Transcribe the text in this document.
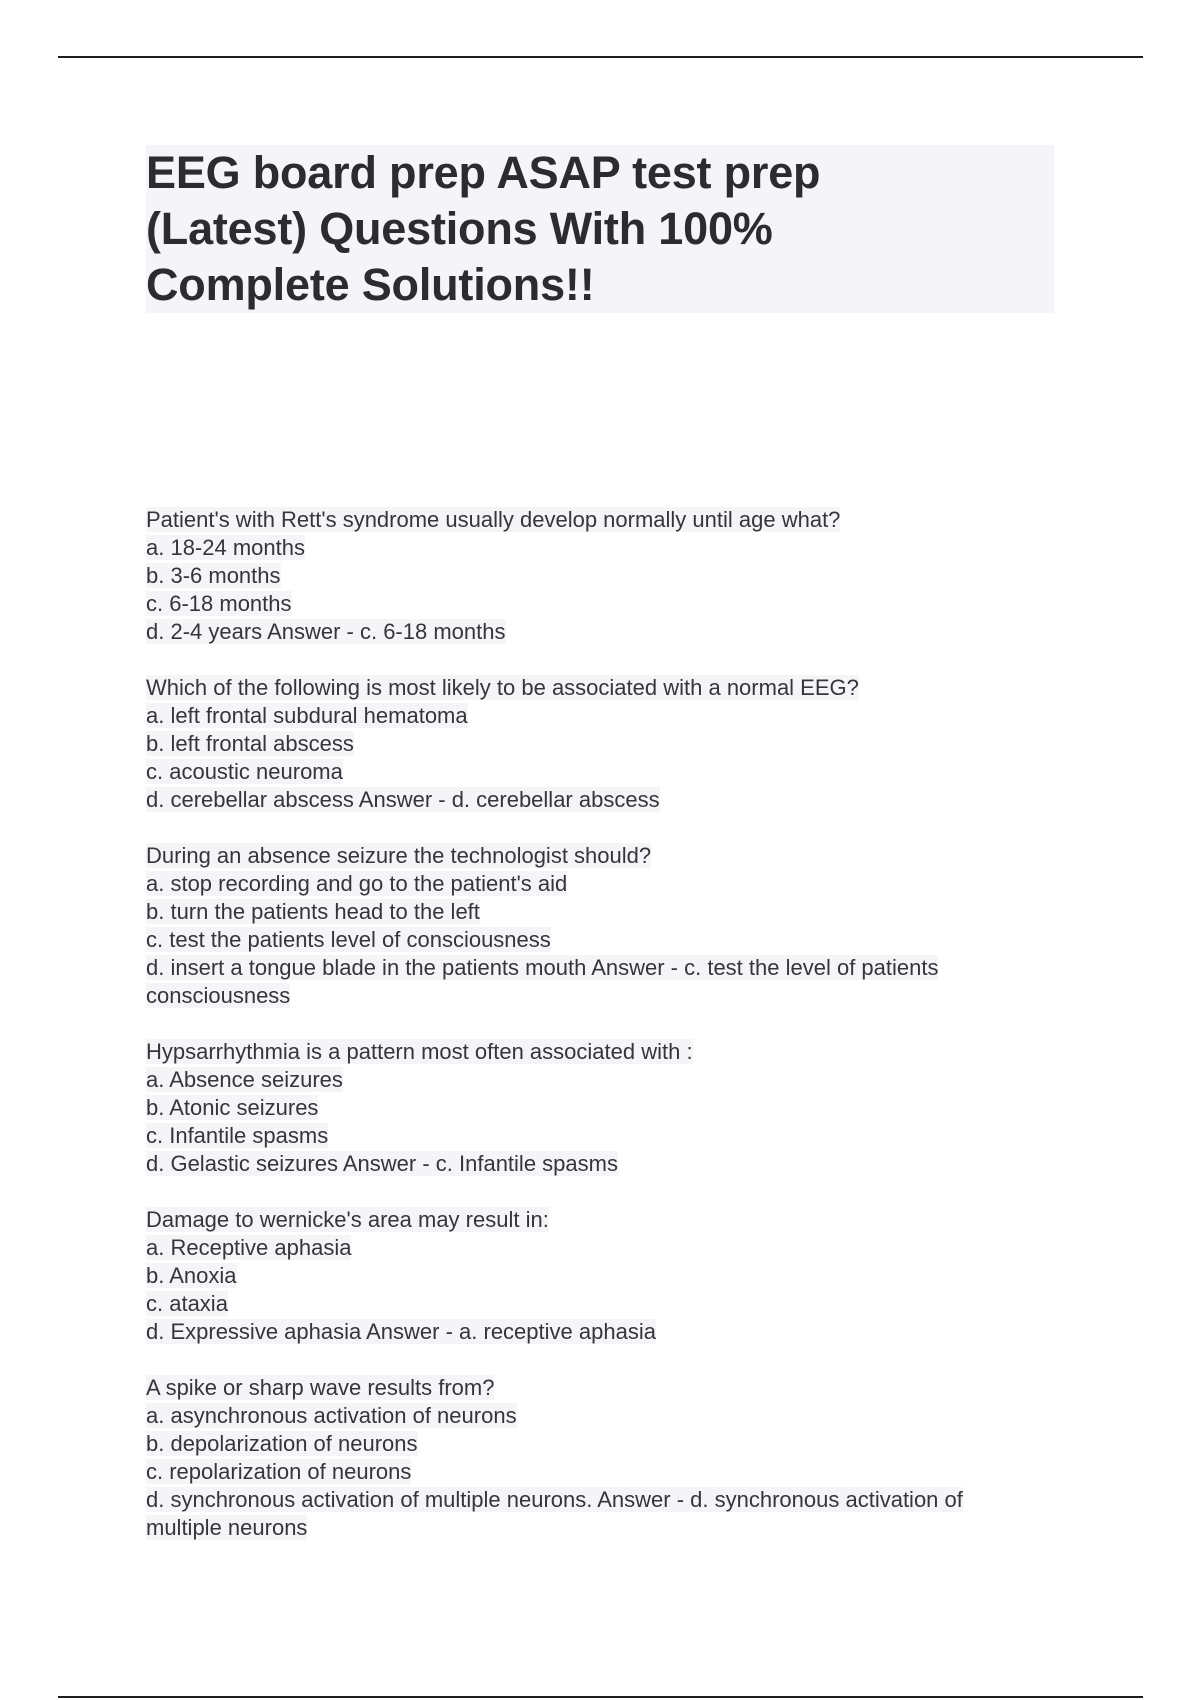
EEG board prep ASAP test prep
(Latest) Questions With 100%
Complete Solutions!!
Patient's with Rett's syndrome usually develop normally until age what?
a. 18-24 months
b. 3-6 months
c. 6-18 months
d. 2-4 years Answer - c. 6-18 months
Which of the following is most likely to be associated with a normal EEG?
a. left frontal subdural hematoma
b. left frontal abscess
c. acoustic neuroma
d. cerebellar abscess Answer - d. cerebellar abscess
During an absence seizure the technologist should?
a. stop recording and go to the patient's aid
b. turn the patients head to the left
c. test the patients level of consciousness
d. insert a tongue blade in the patients mouth Answer - c. test the level of patients
consciousness
Hypsarrhythmia is a pattern most often associated with :
a. Absence seizures
b. Atonic seizures
c. Infantile spasms
d. Gelastic seizures Answer - c. Infantile spasms
Damage to wernicke's area may result in:
a. Receptive aphasia
b. Anoxia
c. ataxia
d. Expressive aphasia Answer - a. receptive aphasia
A spike or sharp wave results from?
a. asynchronous activation of neurons
b. depolarization of neurons
c. repolarization of neurons
d. synchronous activation of multiple neurons. Answer - d. synchronous activation of
multiple neurons
